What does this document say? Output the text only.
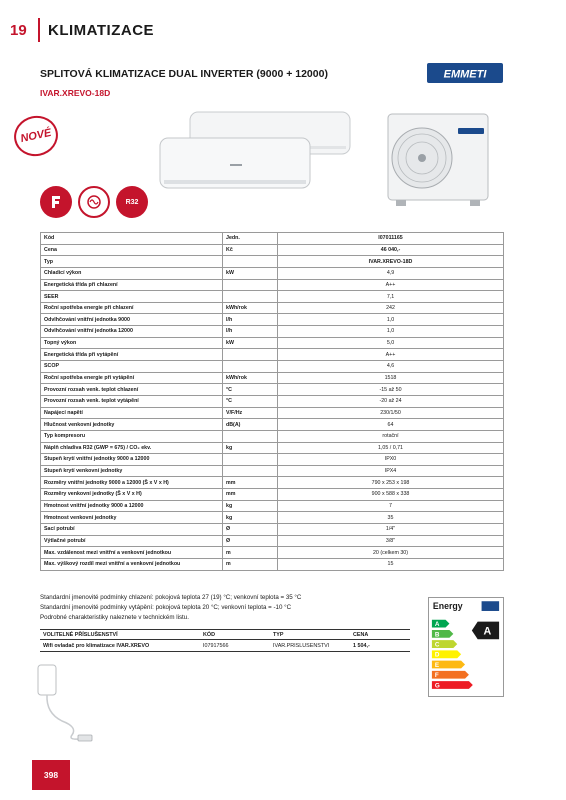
19 KLIMATIZACE
SPLITOVÁ KLIMATIZACE DUAL INVERTER (9000 + 12000)
IVAR.XREVO-18D
EMMETI
NOVÉ
R32
Kód	Jedn.	I07011165
Cena	Kč	46 040,-
Typ		IVAR.XREVO-18D
Chladicí výkon	kW	4,9
Energetická třída při chlazení		A++
SEER		7,1
Roční spotřeba energie při chlazení	kWh/rok	242
Odvlhčování vnitřní jednotka 9000	l/h	1,0
Odvlhčování vnitřní jednotka 12000	l/h	1,0
Topný výkon	kW	5,0
Energetická třída při vytápění		A++
SCOP		4,6
Roční spotřeba energie při vytápění	kWh/rok	1518
Provozní rozsah venk. teplot chlazení	°C	-15 až 50
Provozní rozsah venk. teplot vytápění	°C	-20 až 24
Napájecí napětí	V/F/Hz	230/1/50
Hlučnost venkovní jednotky	dB(A)	64
Typ kompresoru		rotační
Náplň chladiva R32 (GWP = 675) / CO₂ ekv.	kg	1,05 / 0,71
Stupeň krytí vnitřní jednotky 9000 a 12000		IPX0
Stupeň krytí venkovní jednotky		IPX4
Rozměry vnitřní jednotky 9000 a 12000 (Š x V x H)	mm	790 x 253 x 198
Rozměry venkovní jednotky (Š x V x H)	mm	900 x 588 x 338
Hmotnost vnitřní jednotky 9000 a 12000	kg	7
Hmotnost venkovní jednotky	kg	35
Sací potrubí	Ø	1/4"
Výtlačné potrubí	Ø	3/8"
Max. vzdálenost mezi vnitřní a venkovní jednotkou	m	20 (celkem 30)
Max. výškový rozdíl mezi vnitřní a venkovní jednotkou	m	15
Standardní jmenovité podmínky chlazení: pokojová teplota 27 (19) °C; venkovní teplota = 35 °C
Standardní jmenovité podmínky vytápění: pokojová teplota 20 °C; venkovní teplota = -10 °C
Podrobné charakteristiky naleznete v technickém listu.
VOLITELNÉ PŘÍSLUŠENSTVÍ	KÓD	TYP	CENA
Wifi ovladač pro klimatizace IVAR.XREVO	I07917566	IVAR.PRISLUSENSTVI	1 504,-
Energy
A
B
C
D
E
F
G
A
398
